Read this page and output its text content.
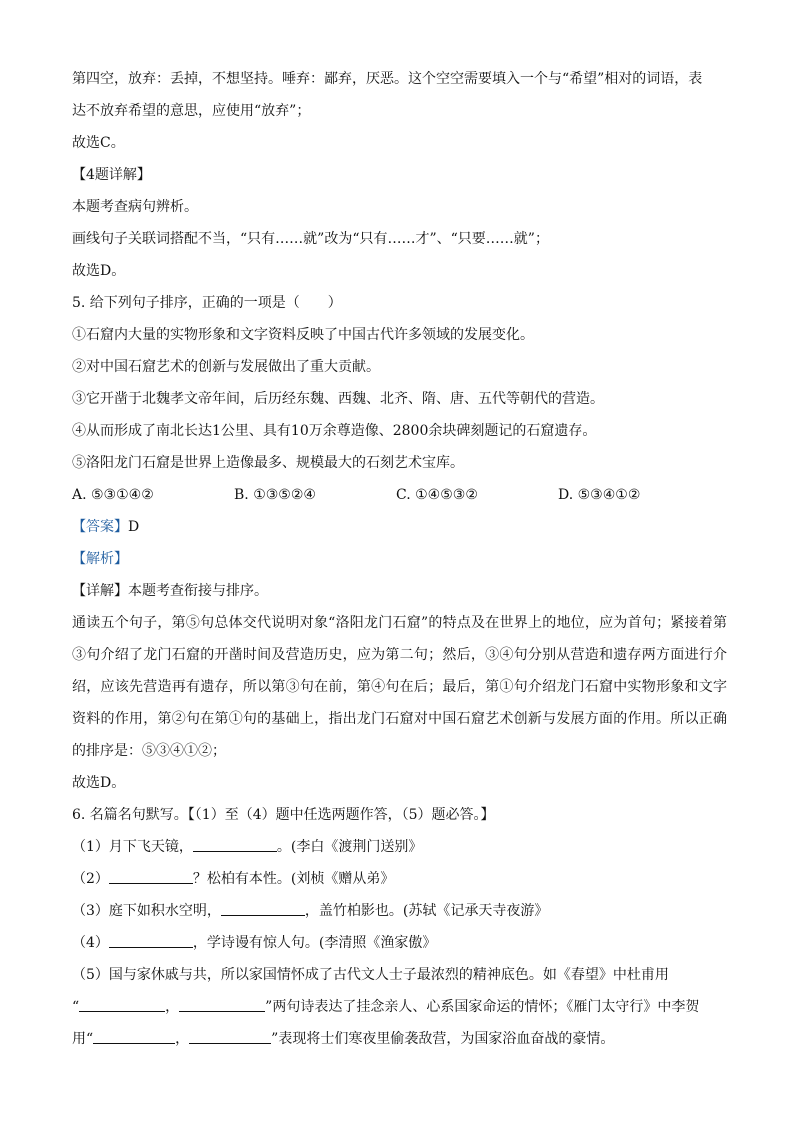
第四空，放弃：丢掉，不想坚持。唾弃：鄙弃，厌恶。这个空空需要填入一个与“希望”相对的词语，表

达不放弃希望的意思，应使用“放弃”；

故选C。

【4题详解】

本题考查病句辨析。

画线句子关联词搭配不当，“只有……就”改为“只有……才”、“只要……就”；

故选D。

5. 给下列句子排序，正确的一项是（　　）

①石窟内大量的实物形象和文字资料反映了中国古代许多领域的发展变化。

②对中国石窟艺术的创新与发展做出了重大贡献。

③它开凿于北魏孝文帝年间，后历经东魏、西魏、北齐、隋、唐、五代等朝代的营造。

④从而形成了南北长达1公里、具有10万余尊造像、2800余块碑刻题记的石窟遗存。

⑤洛阳龙门石窟是世界上造像最多、规模最大的石刻艺术宝库。

A. ⑤③①④②	B. ①③⑤②④	C. ①④⑤③②	D. ⑤③④①②

【答案】D

【解析】

【详解】本题考查衔接与排序。

通读五个句子，第⑤句总体交代说明对象“洛阳龙门石窟”的特点及在世界上的地位，应为首句；紧接着第③句介绍了龙门石窟的开凿时间及营造历史，应为第二句；然后，③④句分别从营造和遗存两方面进行介绍，应该先营造再有遗存，所以第③句在前，第④句在后；最后，第①句介绍龙门石窟中实物形象和文字资料的作用，第②句在第①句的基础上，指出龙门石窟对中国石窟艺术创新与发展方面的作用。所以正确的排序是：⑤③④①②；

故选D。

6. 名篇名句默写。【（1）至（4）题中任选两题作答，（5）题必答。】

（1）月下飞天镜，	。(李白《渡荆门送别》

（2）	？松柏有本性。(刘桢《赠从弟》

（3）庭下如积水空明，	，盖竹柏影也。(苏轼《记承天寺夜游》

（4）	，学诗谩有惊人句。(李清照《渔家傲》

（5）国与家休戚与共，所以家国情怀成了古代文人士子最浓烈的精神底色。如《春望》中杜甫用

“	，	”两句诗表达了挂念亲人、心系国家命运的情怀；《雁门太守行》中李贺

用“	，	”表现将士们寒夜里偷袭敌营，为国家浴血奋战的豪情。
